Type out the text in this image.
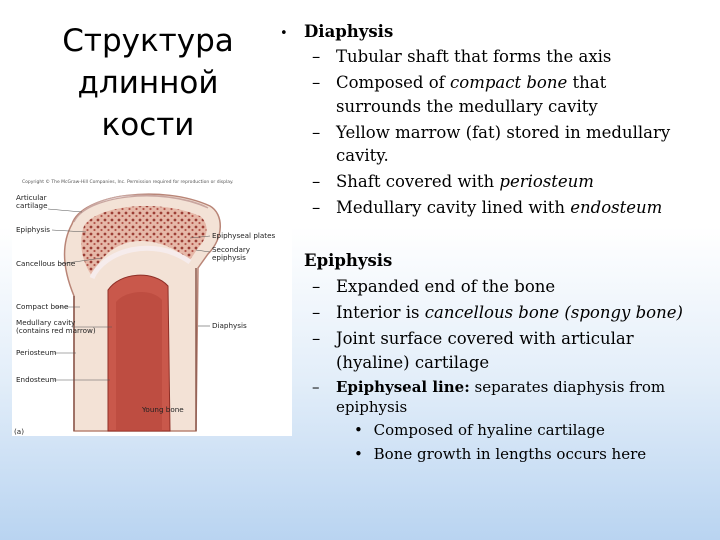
Структура
длинной
кости
Copyright © The McGraw-Hill Companies, Inc. Permission required for reproduction or display.
Articular
cartilage
Epiphysis
Cancellous bone
Compact bone
Medullary cavity
(contains red marrow)
Periosteum
Endosteum
Epiphyseal plates
Secondary
epiphysis
Diaphysis
Young bone
(a)
• Diaphysis
– Tubular shaft that forms the axis
– Composed of compact bone that
surrounds the medullary cavity
– Yellow marrow (fat) stored in medullary
cavity.
– Shaft covered with periosteum
– Medullary cavity lined with endosteum
Epiphysis
– Expanded end of the bone
– Interior is cancellous bone (spongy bone)
– Joint surface covered with articular
(hyaline) cartilage
– Epiphyseal line: separates diaphysis from
epiphysis
• Composed of hyaline cartilage
• Bone growth in lengths occurs here
